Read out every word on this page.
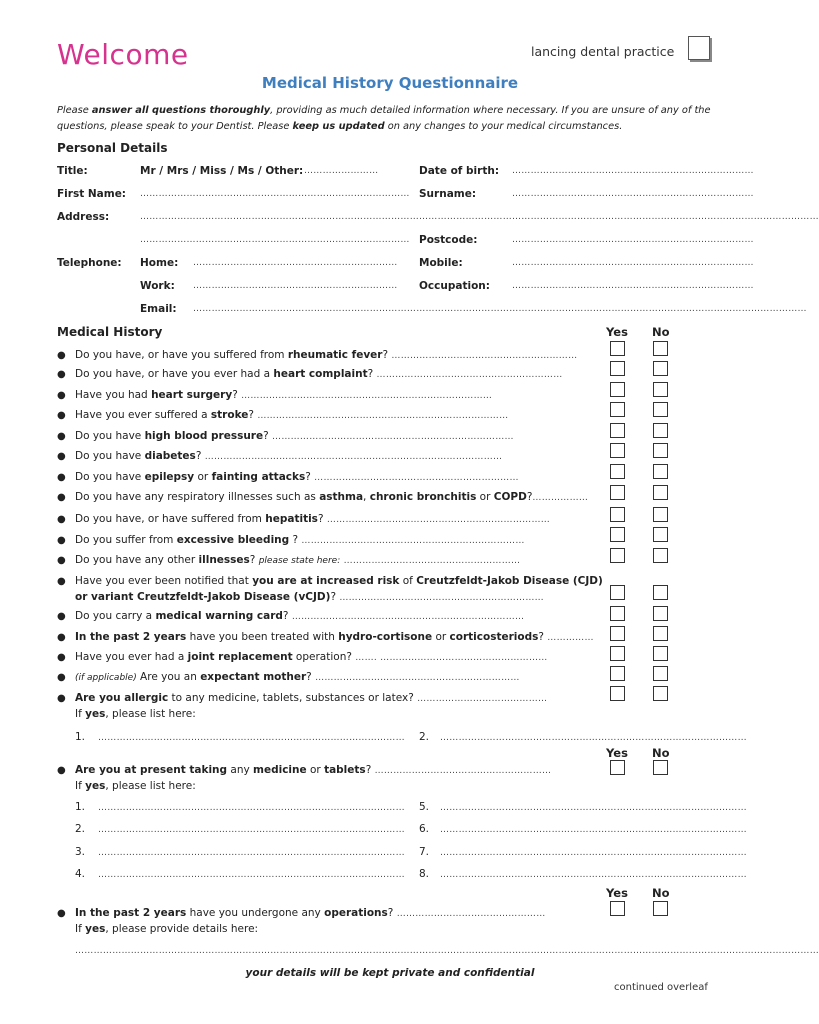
Welcome	lancing dental practice
Medical History Questionnaire
Please answer all questions thoroughly, providing as much detailed information where necessary. If you are unsure of any of the questions, please speak to your Dentist. Please keep us updated on any changes to your medical circumstances.
Personal Details
Title:	Mr / Mrs / Miss / Ms / Other: ……………………	Date of birth: ……………………………………………………………………
First Name: …………………………………………………………………………… Surname:	……………………………………………………………………
Address:	…………………………………………………………………………………………………………………………………………………………………………………………………
…………………………………………………………………………… Postcode:	……………………………………………………………………
Telephone: Home: ………………………………………………………… Mobile:	……………………………………………………………………
Work: ………………………………………………………… Occupation: ……………………………………………………………………
Email: ………………………………………………………………………………………………………………………………………………………………………………
Medical History	Yes No
● Do you have, or have you suffered from rheumatic fever? ……………………………………………………
● Do you have, or have you ever had a heart complaint? ……………………………………………………
● Have you had heart surgery? ………………………………………………………………………
● Have you ever suffered a stroke? ………………………………………………………………………
● Do you have high blood pressure? ……………………………………………………………………
● Do you have diabetes? ……………………………………………………………………………………
● Do you have epilepsy or fainting attacks? …………………………………………………………
● Do you have any respiratory illnesses such as asthma, chronic bronchitis or COPD?………………
● Do you have, or have suffered from hepatitis? ………………………………………………………………
● Do you suffer from excessive bleeding ? ………………………………………………………………
● Do you have any other illnesses? please state here: …………………………………………………
● Have you ever been notified that you are at increased risk of Creutzfeldt-Jakob Disease (CJD)
or variant Creutzfeldt-Jakob Disease (vCJD)? …………………………………………………………
● Do you carry a medical warning card? …………………………………………………………………
● In the past 2 years have you been treated with hydro-cortisone or corticosteriods? ……………
● Have you ever had a joint replacement operation? ……. ………………………………………………
● (if applicable) Are you an expectant mother? …………………………………………………………
● Are you allergic to any medicine, tablets, substances or latex? ……………………………………
If yes, please list here:
1. ……………………………………………………………………………………… 2. ………………………………………………………………………………………
Yes No
● Are you at present taking any medicine or tablets? …………………………………………………
If yes, please list here:
1. ……………………………………………………………………………………… 5. ………………………………………………………………………………………
2. ……………………………………………………………………………………… 6. ………………………………………………………………………………………
3. ……………………………………………………………………………………… 7. ………………………………………………………………………………………
4. ……………………………………………………………………………………… 8. ………………………………………………………………………………………
Yes No
● In the past 2 years have you undergone any operations? …………………………………………
If yes, please provide details here:
……………………………………………………………………………………………………………………………………………………………………………………………………………………
your details will be kept private and confidential
continued overleaf
